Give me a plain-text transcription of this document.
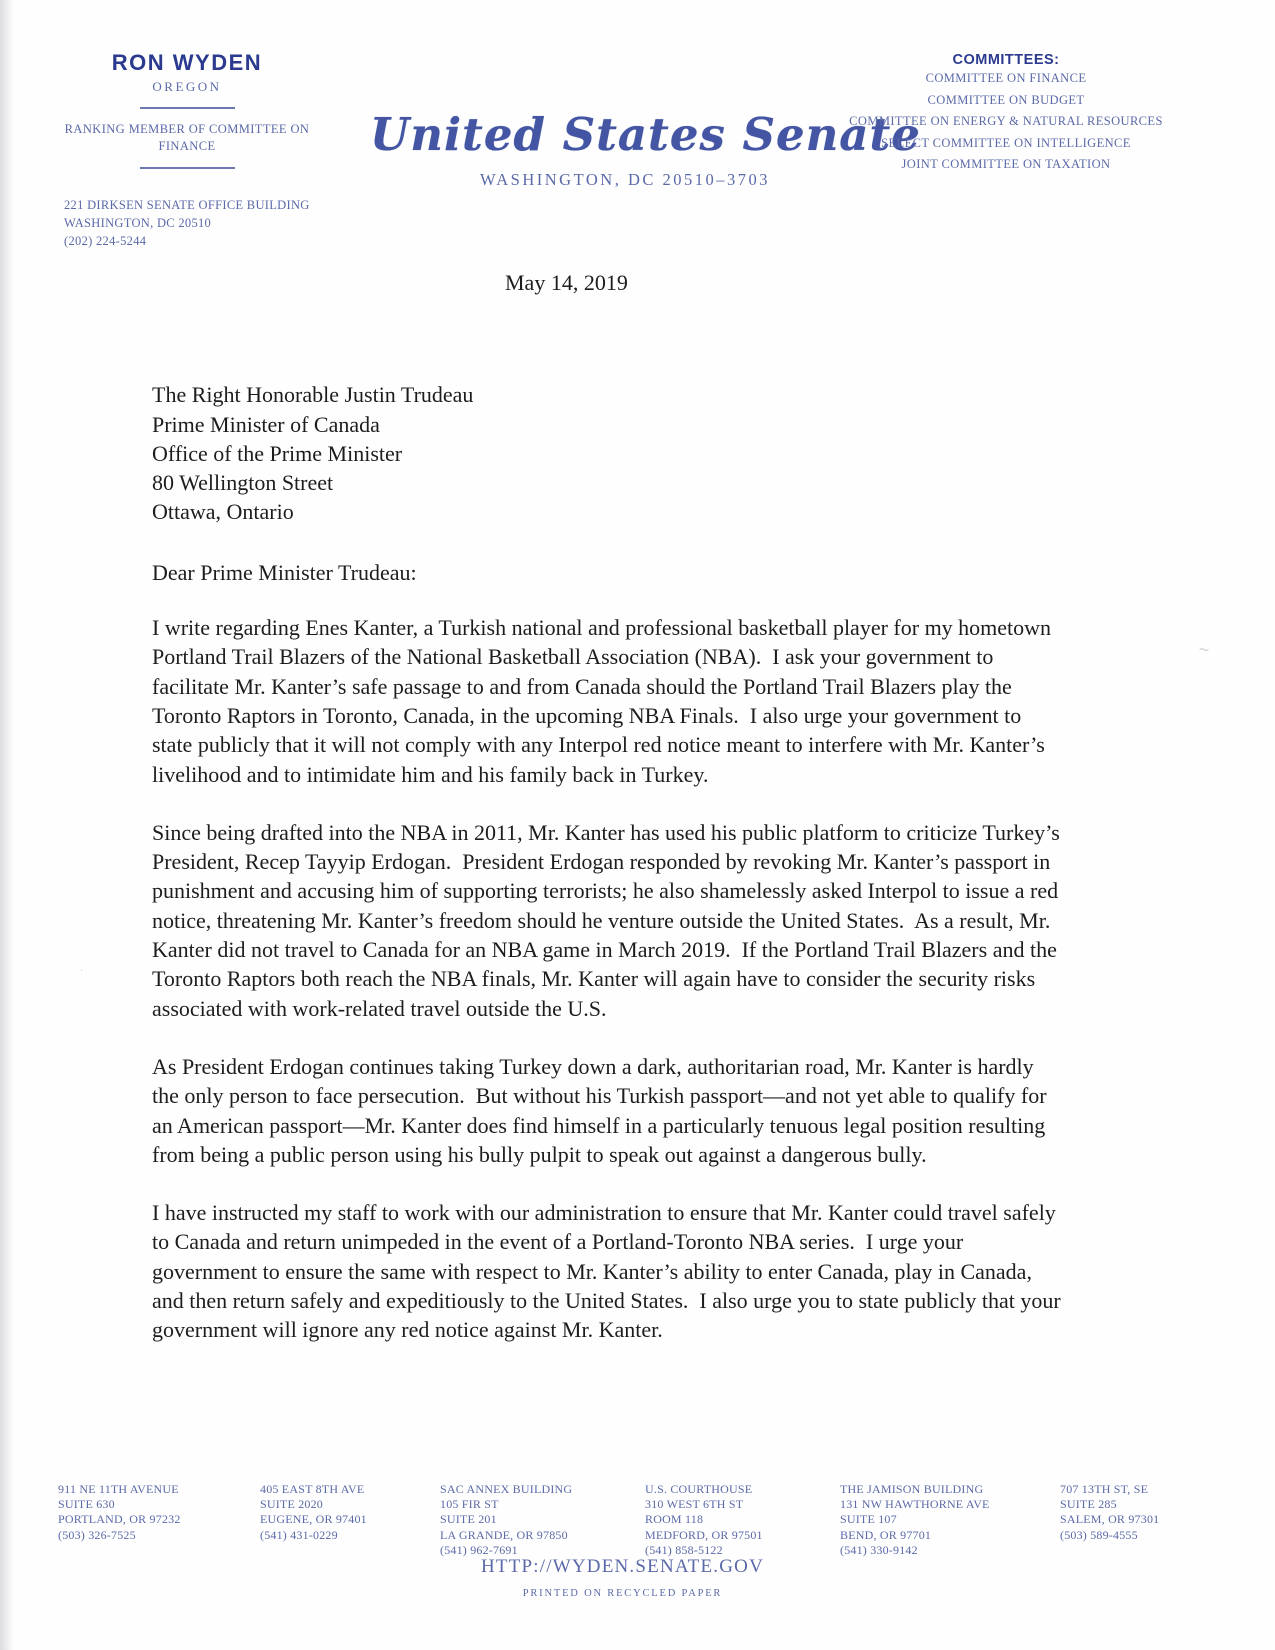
∼
·
RON WYDEN
OREGON
RANKING MEMBER OF COMMITTEE ON
FINANCE
221 DIRKSEN SENATE OFFICE BUILDING
WASHINGTON, DC 20510
(202) 224-5244
United States Senate
WASHINGTON, DC 20510–3703
COMMITTEES:
COMMITTEE ON FINANCE
COMMITTEE ON BUDGET
COMMITTEE ON ENERGY & NATURAL RESOURCES
SELECT COMMITTEE ON INTELLIGENCE
JOINT COMMITTEE ON TAXATION
May 14, 2019
The Right Honorable Justin Trudeau
Prime Minister of Canada
Office of the Prime Minister
80 Wellington Street
Ottawa, Ontario
Dear Prime Minister Trudeau:

I write regarding Enes Kanter, a Turkish national and professional basketball player for my hometown Portland Trail Blazers of the National Basketball Association (NBA).  I ask your government to facilitate Mr. Kanter’s safe passage to and from Canada should the Portland Trail Blazers play the Toronto Raptors in Toronto, Canada, in the upcoming NBA Finals.  I also urge your government to state publicly that it will not comply with any Interpol red notice meant to interfere with Mr. Kanter’s livelihood and to intimidate him and his family back in Turkey.

Since being drafted into the NBA in 2011, Mr. Kanter has used his public platform to criticize Turkey’s President, Recep Tayyip Erdogan.  President Erdogan responded by revoking Mr. Kanter’s passport in punishment and accusing him of supporting terrorists; he also shamelessly asked Interpol to issue a red notice, threatening Mr. Kanter’s freedom should he venture outside the United States.  As a result, Mr. Kanter did not travel to Canada for an NBA game in March 2019.  If the Portland Trail Blazers and the Toronto Raptors both reach the NBA finals, Mr. Kanter will again have to consider the security risks associated with work-related travel outside the U.S.

As President Erdogan continues taking Turkey down a dark, authoritarian road, Mr. Kanter is hardly the only person to face persecution.  But without his Turkish passport—and not yet able to qualify for an American passport—Mr. Kanter does find himself in a particularly tenuous legal position resulting from being a public person using his bully pulpit to speak out against a dangerous bully.

I have instructed my staff to work with our administration to ensure that Mr. Kanter could travel safely to Canada and return unimpeded in the event of a Portland-Toronto NBA series.  I urge your government to ensure the same with respect to Mr. Kanter’s ability to enter Canada, play in Canada, and then return safely and expeditiously to the United States.  I also urge you to state publicly that your government will ignore any red notice against Mr. Kanter.

911 NE 11TH AVENUE
SUITE 630
PORTLAND, OR 97232
(503) 326-7525
405 EAST 8TH AVE
SUITE 2020
EUGENE, OR 97401
(541) 431-0229
SAC ANNEX BUILDING
105 FIR ST
SUITE 201
LA GRANDE, OR 97850
(541) 962-7691
U.S. COURTHOUSE
310 WEST 6TH ST
ROOM 118
MEDFORD, OR 97501
(541) 858-5122
THE JAMISON BUILDING
131 NW HAWTHORNE AVE
SUITE 107
BEND, OR 97701
(541) 330-9142
707 13TH ST, SE
SUITE 285
SALEM, OR 97301
(503) 589-4555
HTTP://WYDEN.SENATE.GOV
PRINTED ON RECYCLED PAPER
